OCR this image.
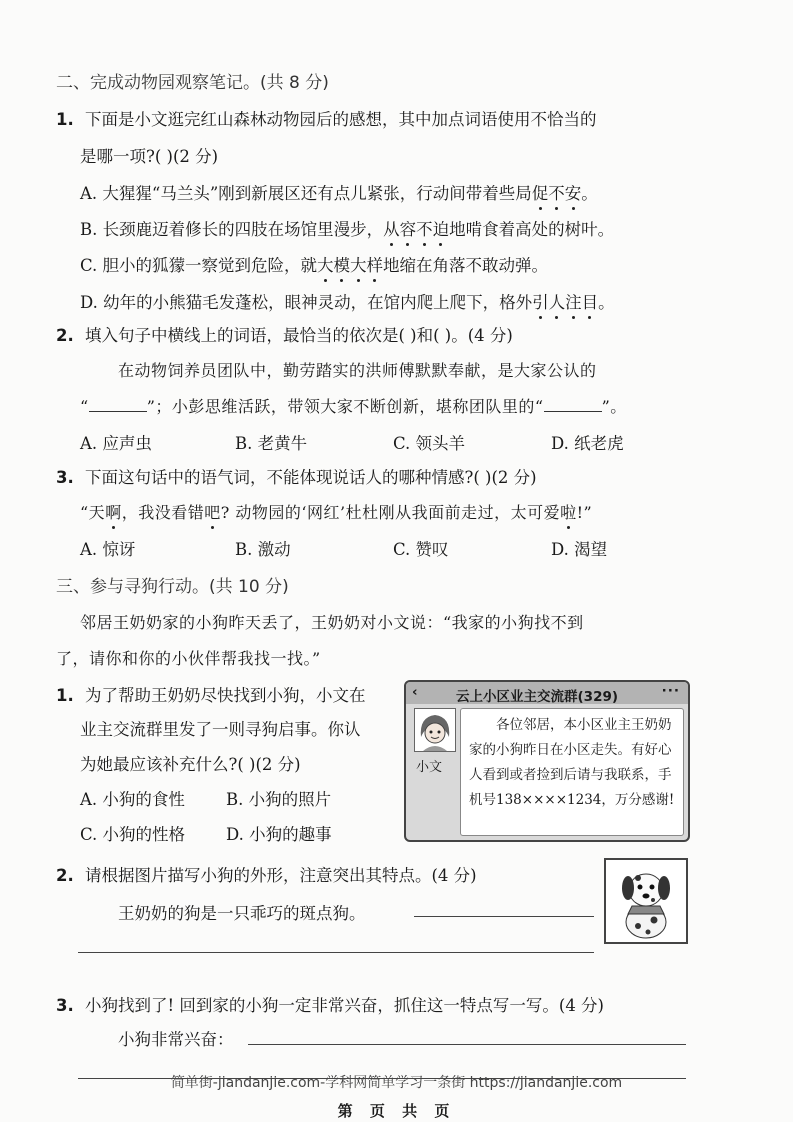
二、完成动物园观察笔记。(共 8 分)
1. 下面是小文逛完红山森林动物园后的感想，其中加点词语使用不恰当的
是哪一项?( )(2 分)
A. 大猩猩“马兰头”刚到新展区还有点儿紧张，行动间带着些局促不安。
B. 长颈鹿迈着修长的四肢在场馆里漫步，从容不迫地啃食着高处的树叶。
C. 胆小的狐獴一察觉到危险，就大模大样地缩在角落不敢动弹。
D. 幼年的小熊猫毛发蓬松，眼神灵动，在馆内爬上爬下，格外引人注目。
2. 填入句子中横线上的词语，最恰当的依次是( )和( )。(4 分)
在动物饲养员团队中，勤劳踏实的洪师傅默默奉献，是大家公认的
“	”；小彭思维活跃，带领大家不断创新，堪称团队里的“	”。
A. 应声虫	B. 老黄牛	C. 领头羊	D. 纸老虎
3. 下面这句话中的语气词，不能体现说话人的哪种情感?( )(2 分)
“天啊，我没看错吧? 动物园的‘网红’杜杜刚从我面前走过，太可爱啦!”
A. 惊讶	B. 激动	C. 赞叹	D. 渴望
三、参与寻狗行动。(共 10 分)
邻居王奶奶家的小狗昨天丢了，王奶奶对小文说：“我家的小狗找不到
了，请你和你的小伙伴帮我找一找。”
1. 为了帮助王奶奶尽快找到小狗，小文在
业主交流群里发了一则寻狗启事。你认
为她最应该补充什么?( )(2 分)
A. 小狗的食性 B. 小狗的照片
C. 小狗的性格 D. 小狗的趣事
‹	云上小区业主交流群(329)	···
小文
　　各位邻居，本小区业主王奶奶家的小狗昨日在小区走失。有好心人看到或者捡到后请与我联系，手机号138××××1234，万分感谢!
2. 请根据图片描写小狗的外形，注意突出其特点。(4 分)
王奶奶的狗是一只乖巧的斑点狗。
3. 小狗找到了! 回到家的小狗一定非常兴奋，抓住这一特点写一写。(4 分)
小狗非常兴奋：
简单街-jiandanjie.com-学科网简单学习一条街 https://jiandanjie.com
第 页 共 页
